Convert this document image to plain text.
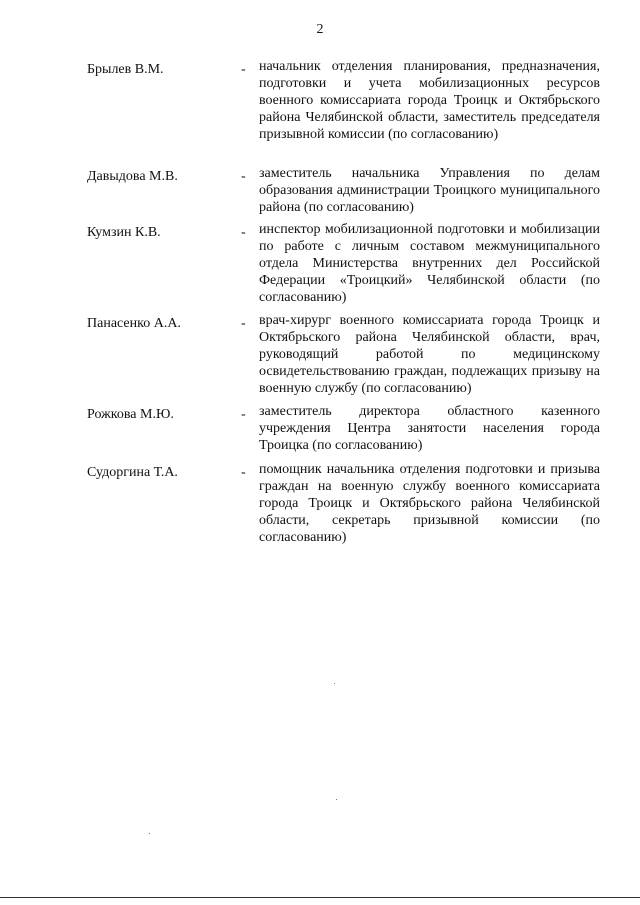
2
Брылев В.М.	- начальник отделения планирования, предназначения, подготовки и учета мобилизационных ресурсов военного комиссариата города Троицк и Октябрьского района Челябинской области, заместитель председателя призывной комиссии (по согласованию)
Давыдова М.В.	- заместитель начальника Управления по делам образования администрации Троицкого муниципального района (по согласованию)
Кумзин К.В.	- инспектор мобилизационной подготовки и мобилизации по работе с личным составом межмуниципального отдела Министерства внутренних дел Российской Федерации «Троицкий» Челябинской области (по согласованию)
Панасенко А.А.	- врач-хирург военного комиссариата города Троицк и Октябрьского района Челябинской области, врач, руководящий работой по медицинскому освидетельствованию граждан, подлежащих призыву на военную службу (по согласованию)
Рожкова М.Ю.	- заместитель директора областного казенного учреждения Центра занятости населения города Троицка (по согласованию)
Судоргина Т.А.	- помощник начальника отделения подготовки и призыва граждан на военную службу военного комиссариата города Троицк и Октябрьского района Челябинской области, секретарь призывной комиссии (по согласованию)
